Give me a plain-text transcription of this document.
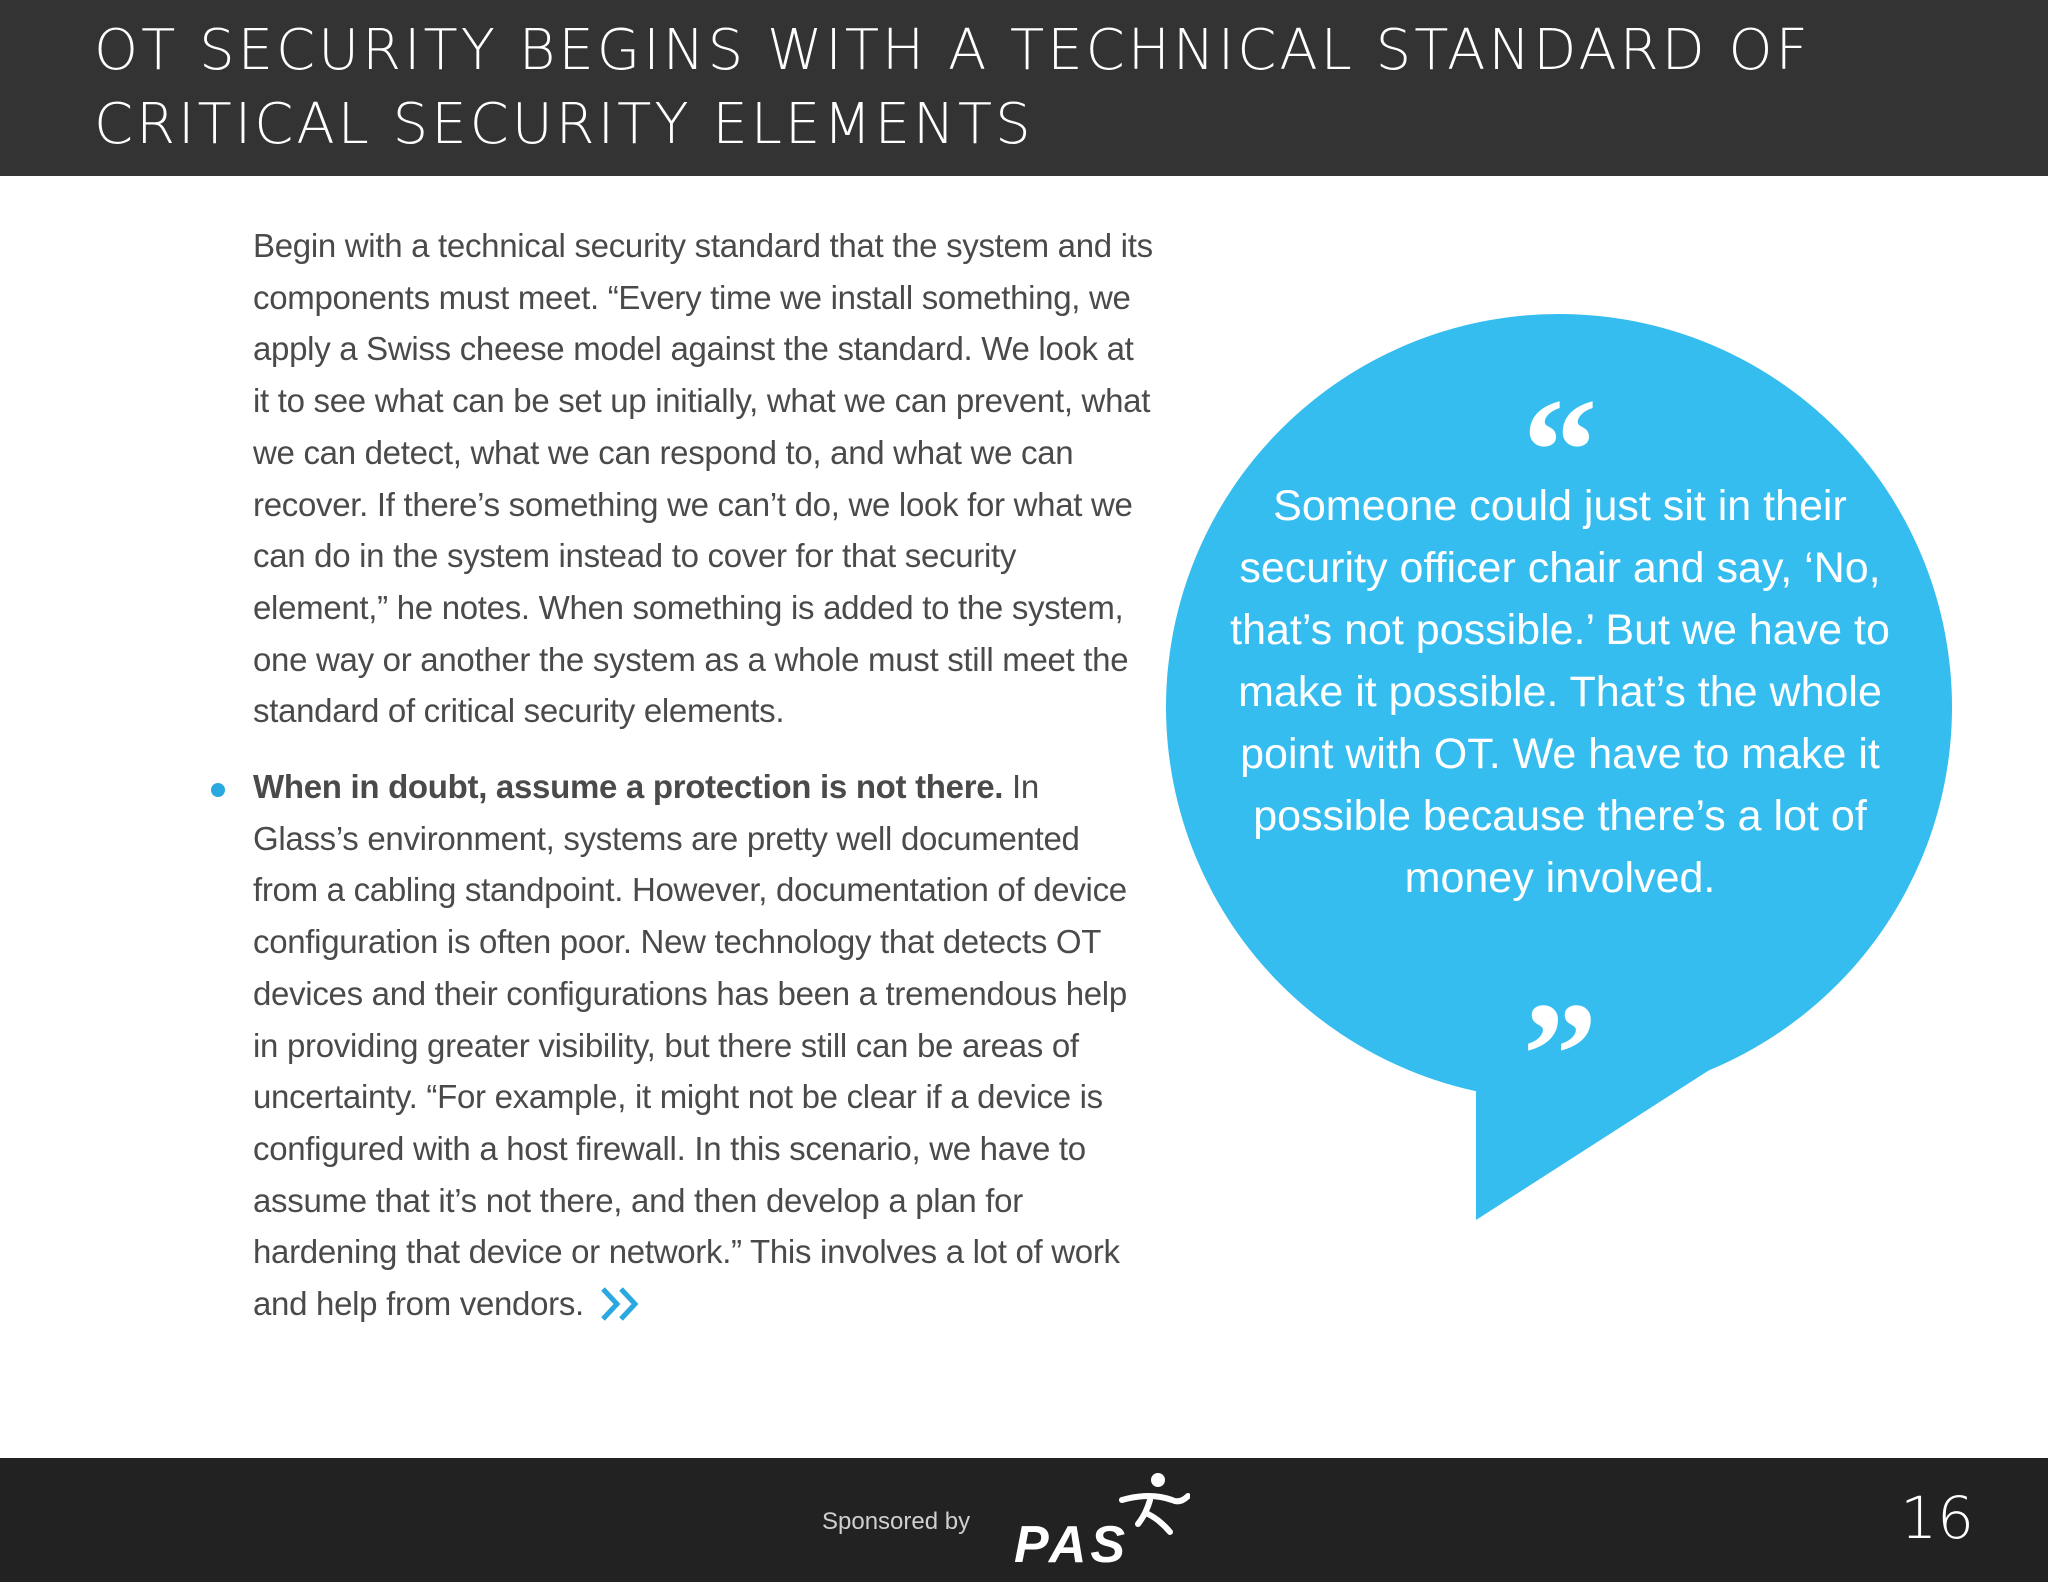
OT SECURITY BEGINS WITH A TECHNICAL STANDARD OF CRITICAL SECURITY ELEMENTS

Begin with a technical security standard that the system and its components must meet. “Every time we install something, we apply a Swiss cheese model against the standard. We look at it to see what can be set up initially, what we can prevent, what we can detect, what we can respond to, and what we can recover. If there’s something we can’t do, we look for what we can do in the system instead to cover for that security element,” he notes. When something is added to the system, one way or another the system as a whole must still meet the standard of critical security elements.

When in doubt, assume a protection is not there. In Glass’s environment, systems are pretty well documented from a cabling standpoint. However, documentation of device configuration is often poor. New technology that detects OT devices and their configurations has been a tremendous help in providing greater visibility, but there still can be areas of uncertainty. “For example, it might not be clear if a device is configured with a host firewall. In this scenario, we have to assume that it’s not there, and then develop a plan for hardening that device or network.” This involves a lot of work and help from vendors.

“

Someone could just sit in their security officer chair and say, ‘No, that’s not possible.’ But we have to make it possible. That’s the whole point with OT. We have to make it possible because there’s a lot of money involved.

”
Sponsored by PAS	16
